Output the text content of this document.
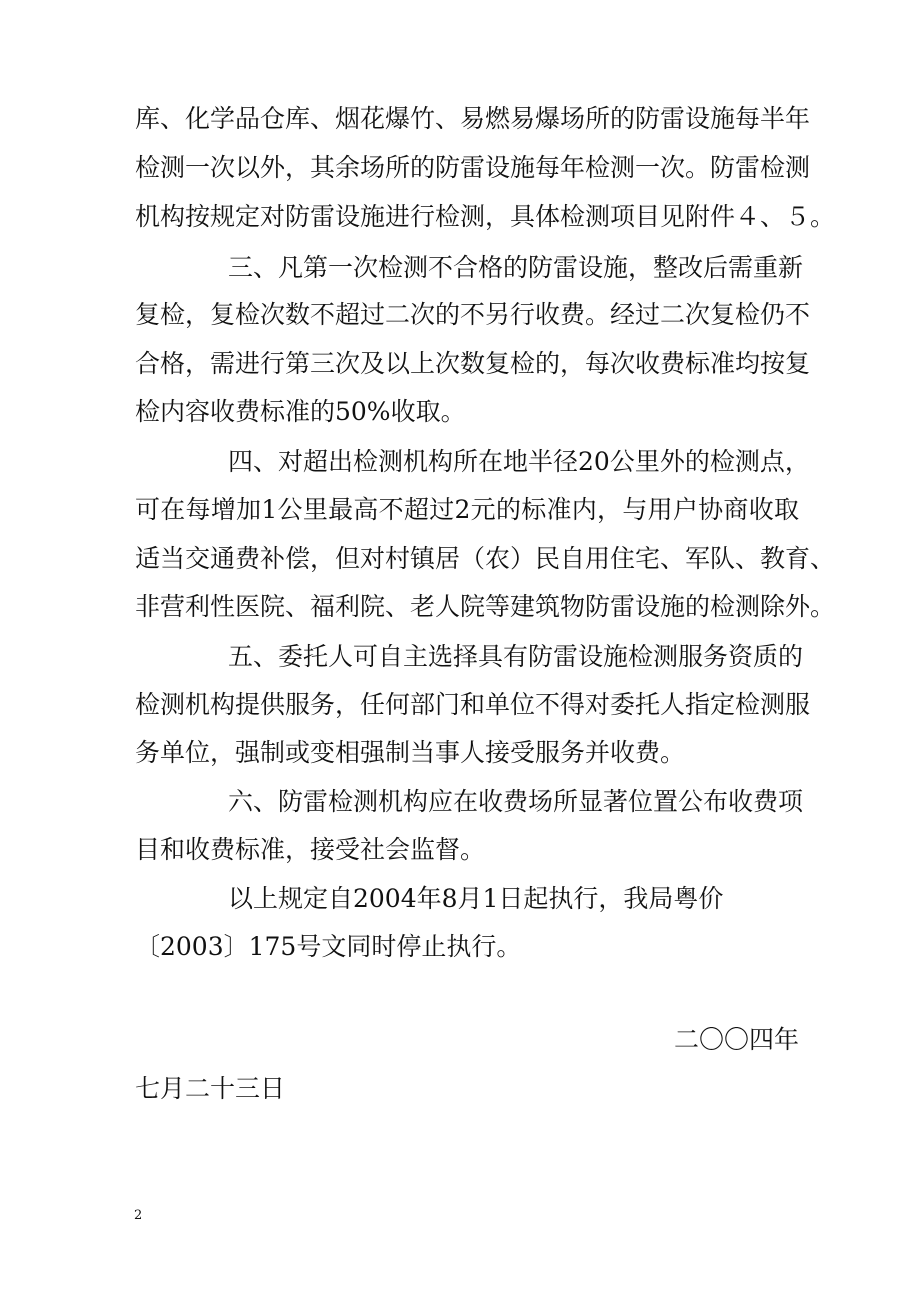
库、化学品仓库、烟花爆竹、易燃易爆场所的防雷设施每半年
检测一次以外，其余场所的防雷设施每年检测一次。防雷检测
机构按规定对防雷设施进行检测，具体检测项目见附件４、５。
三、凡第一次检测不合格的防雷设施，整改后需重新
复检，复检次数不超过二次的不另行收费。经过二次复检仍不
合格，需进行第三次及以上次数复检的，每次收费标准均按复
检内容收费标准的50%收取。
四、对超出检测机构所在地半径20公里外的检测点，
可在每增加1公里最高不超过2元的标准内，与用户协商收取
适当交通费补偿，但对村镇居（农）民自用住宅、军队、教育、
非营利性医院、福利院、老人院等建筑物防雷设施的检测除外。
五、委托人可自主选择具有防雷设施检测服务资质的
检测机构提供服务，任何部门和单位不得对委托人指定检测服
务单位，强制或变相强制当事人接受服务并收费。
六、防雷检测机构应在收费场所显著位置公布收费项
目和收费标准，接受社会监督。
以上规定自2004年8月1日起执行，我局粤价
〔2003〕175号文同时停止执行。
二〇〇四年
七月二十三日
2
